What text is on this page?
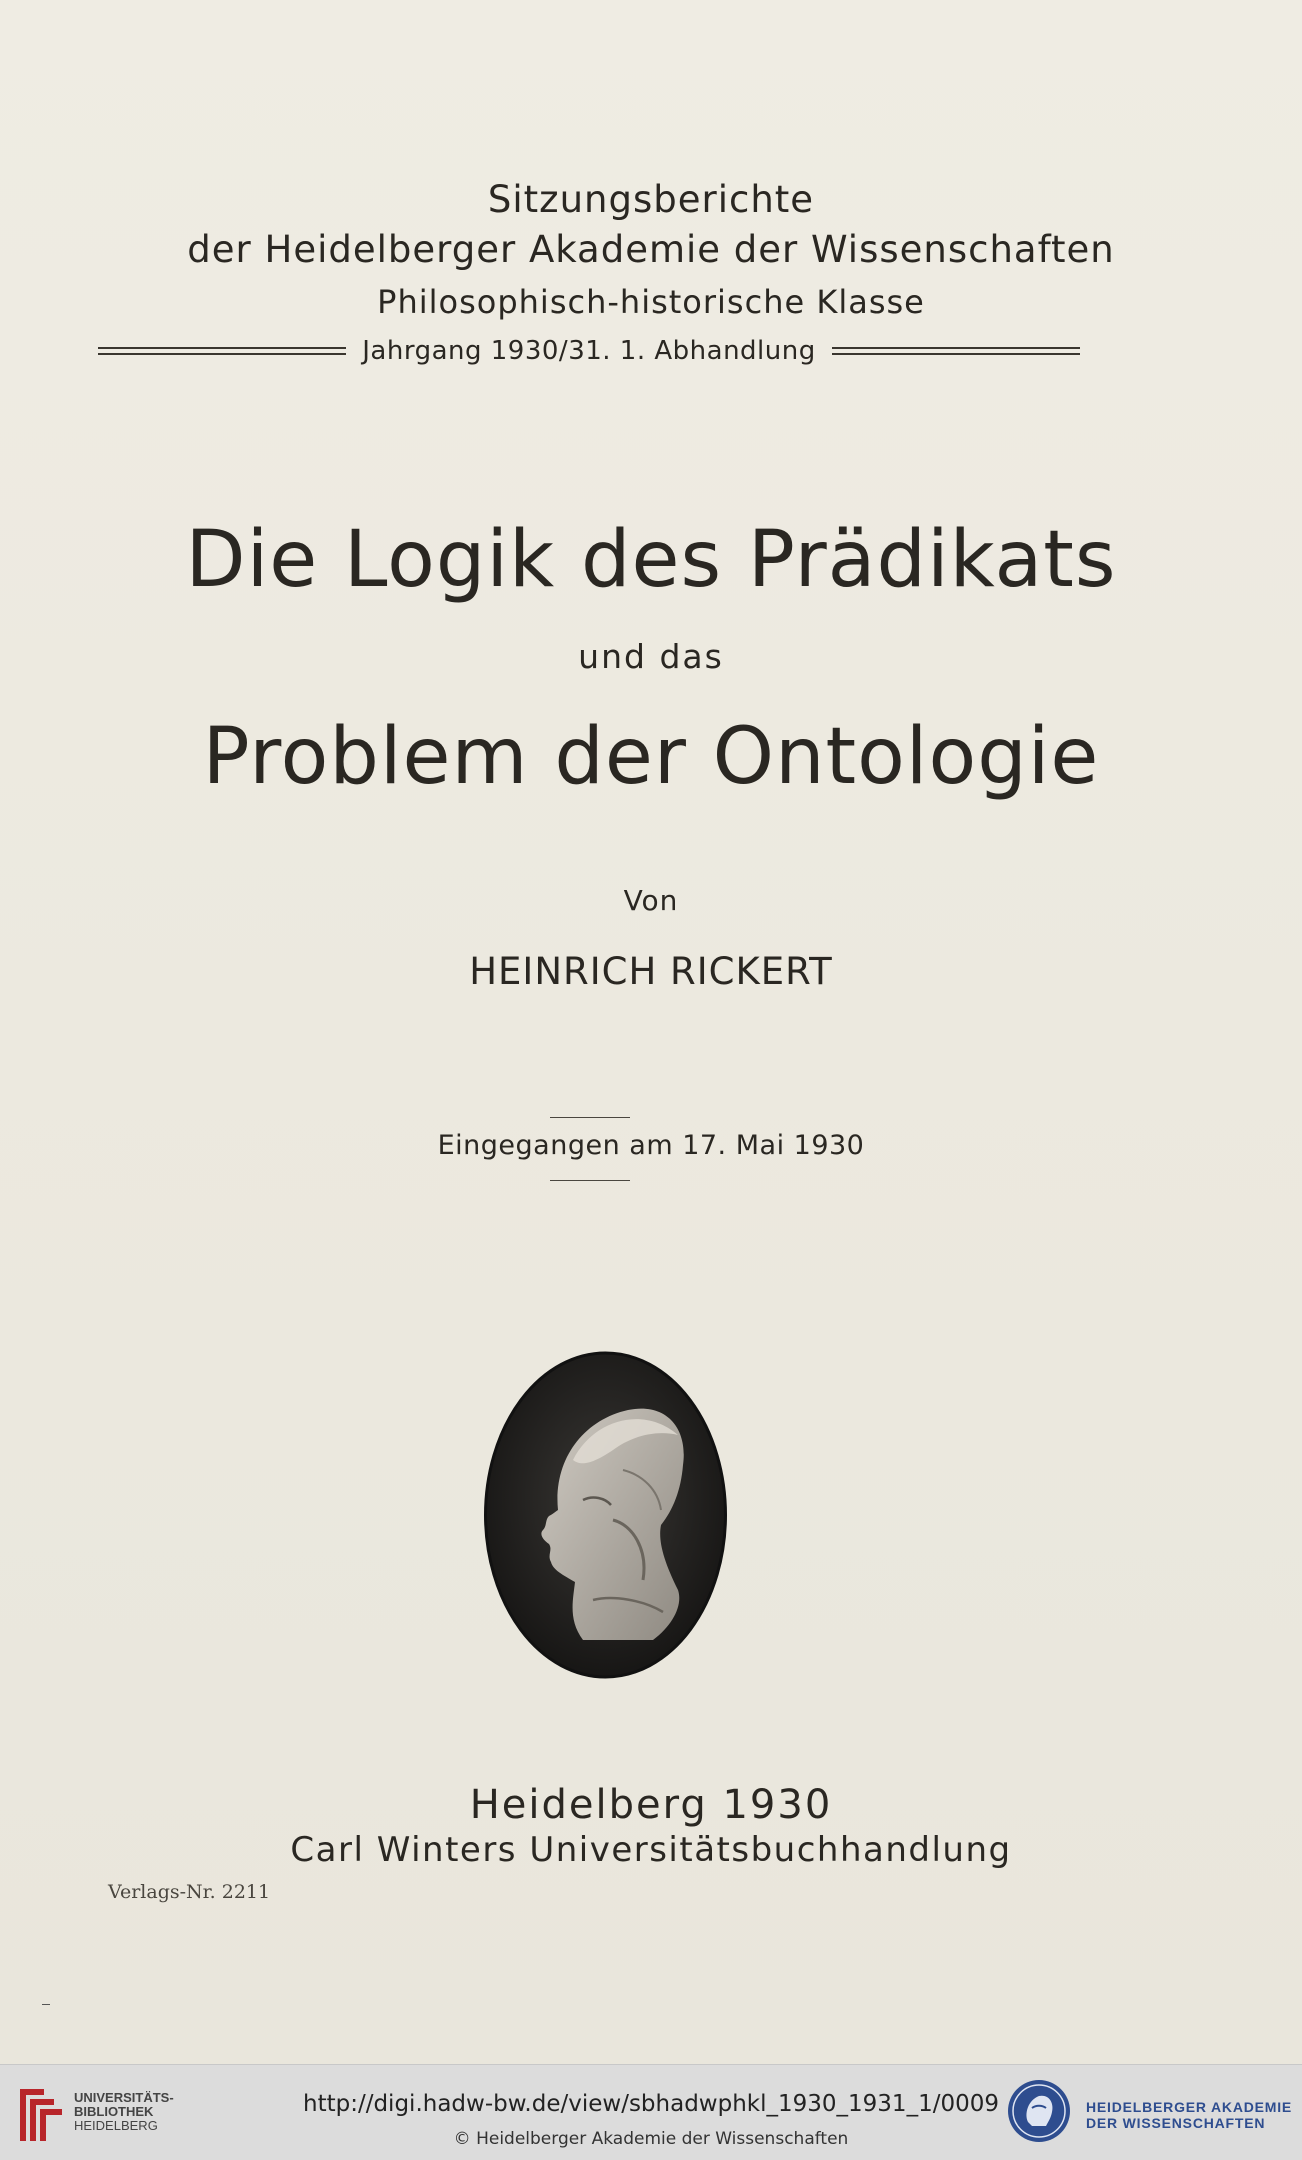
Sitzungsberichte
der Heidelberger Akademie der Wissenschaften
Philosophisch-historische Klasse
Jahrgang 1930/31. 1. Abhandlung
Die Logik des Prädikats
und das
Problem der Ontologie
Von
HEINRICH RICKERT
Eingegangen am 17. Mai 1930
Heidelberg 1930
Carl Winters Universitätsbuchhandlung
Verlags-Nr. 2211
UNIVERSITÄTS-
BIBLIOTHEK
HEIDELBERG
http://digi.hadw-bw.de/view/sbhadwphkl_1930_1931_1/0009
© Heidelberger Akademie der Wissenschaften
HEIDELBERGER AKADEMIE
DER WISSENSCHAFTEN
